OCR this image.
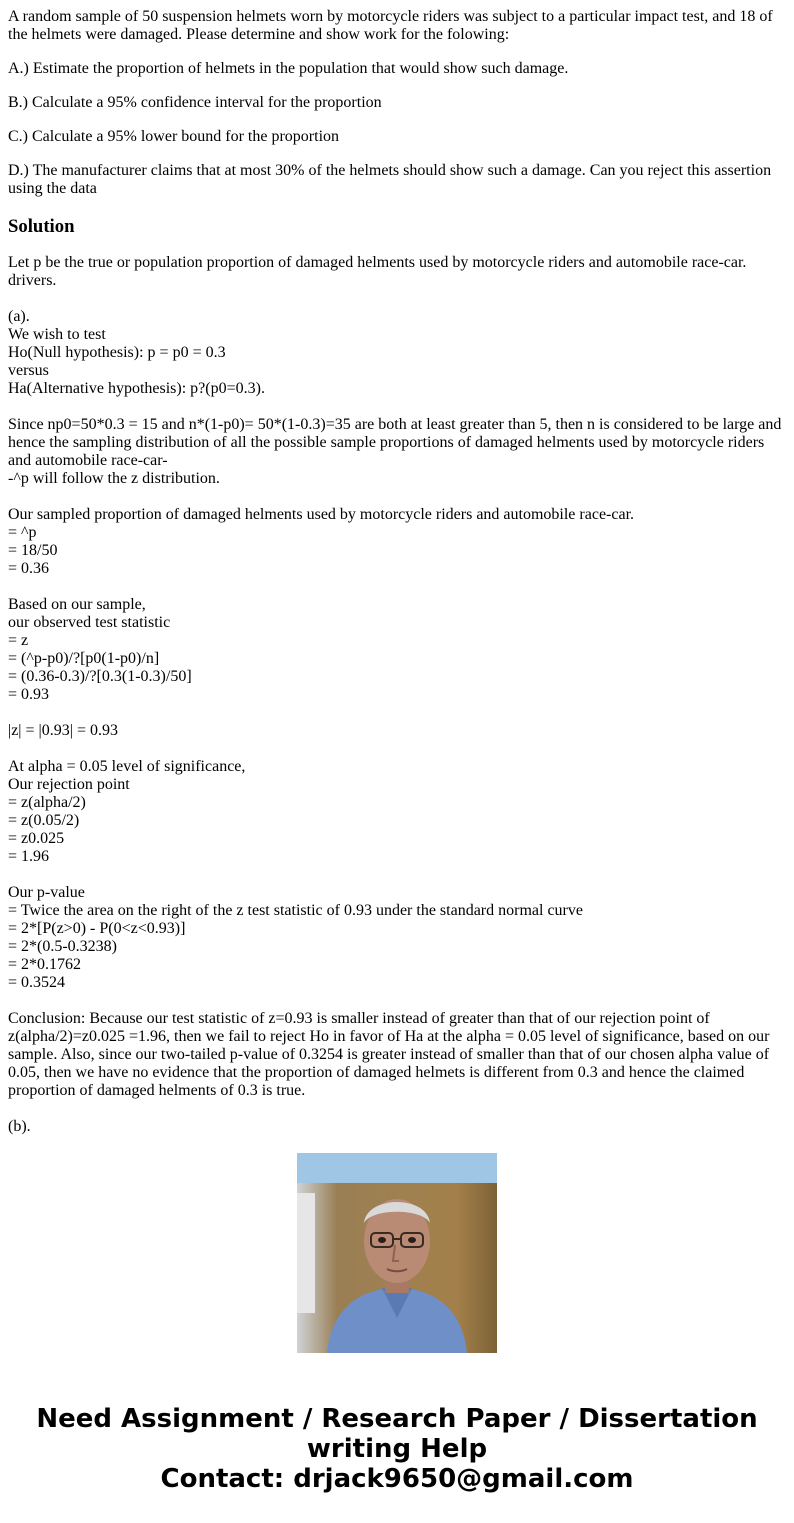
A random sample of 50 suspension helmets worn by motorcycle riders was subject to a particular impact test, and 18 of the helmets were damaged. Please determine and show work for the folowing:

A.) Estimate the proportion of helmets in the population that would show such damage.

B.) Calculate a 95% confidence interval for the proportion

C.) Calculate a 95% lower bound for the proportion

D.) The manufacturer claims that at most 30% of the helmets should show such a damage. Can you reject this assertion using the data

Solution
Let p be the true or population proportion of damaged helments used by motorcycle riders and automobile race-car. drivers.
(a).
We wish to test
Ho(Null hypothesis): p = p0 = 0.3
versus
Ha(Alternative hypothesis): p?(p0=0.3).
Since np0=50*0.3 = 15 and n*(1-p0)= 50*(1-0.3)=35 are both at least greater than 5, then n is considered to be large and hence the sampling distribution of all the possible sample proportions of damaged helments used by motorcycle riders and automobile race-car-
-^p will follow the z distribution.
Our sampled proportion of damaged helments used by motorcycle riders and automobile race-car.
= ^p
= 18/50
= 0.36
Based on our sample,
our observed test statistic
= z
= (^p-p0)/?[p0(1-p0)/n]
= (0.36-0.3)/?[0.3(1-0.3)/50]
= 0.93
|z| = |0.93| = 0.93
At alpha = 0.05 level of significance,
Our rejection point
= z(alpha/2)
= z(0.05/2)
= z0.025
= 1.96
Our p-value
= Twice the area on the right of the z test statistic of 0.93 under the standard normal curve
= 2*[P(z>0) - P(0<z<0.93)]
= 2*(0.5-0.3238)
= 2*0.1762
= 0.3524
Conclusion: Because our test statistic of z=0.93 is smaller instead of greater than that of our rejection point of z(alpha/2)=z0.025 =1.96, then we fail to reject Ho in favor of Ha at the alpha = 0.05 level of significance, based on our sample. Also, since our two-tailed p-value of 0.3254 is greater instead of smaller than that of our chosen alpha value of 0.05, then we have no evidence that the proportion of damaged helmets is different from 0.3 and hence the claimed proportion of damaged helments of 0.3 is true.
(b).
Need Assignment / Research Paper / Dissertation
writing Help
Contact: drjack9650@gmail.com
